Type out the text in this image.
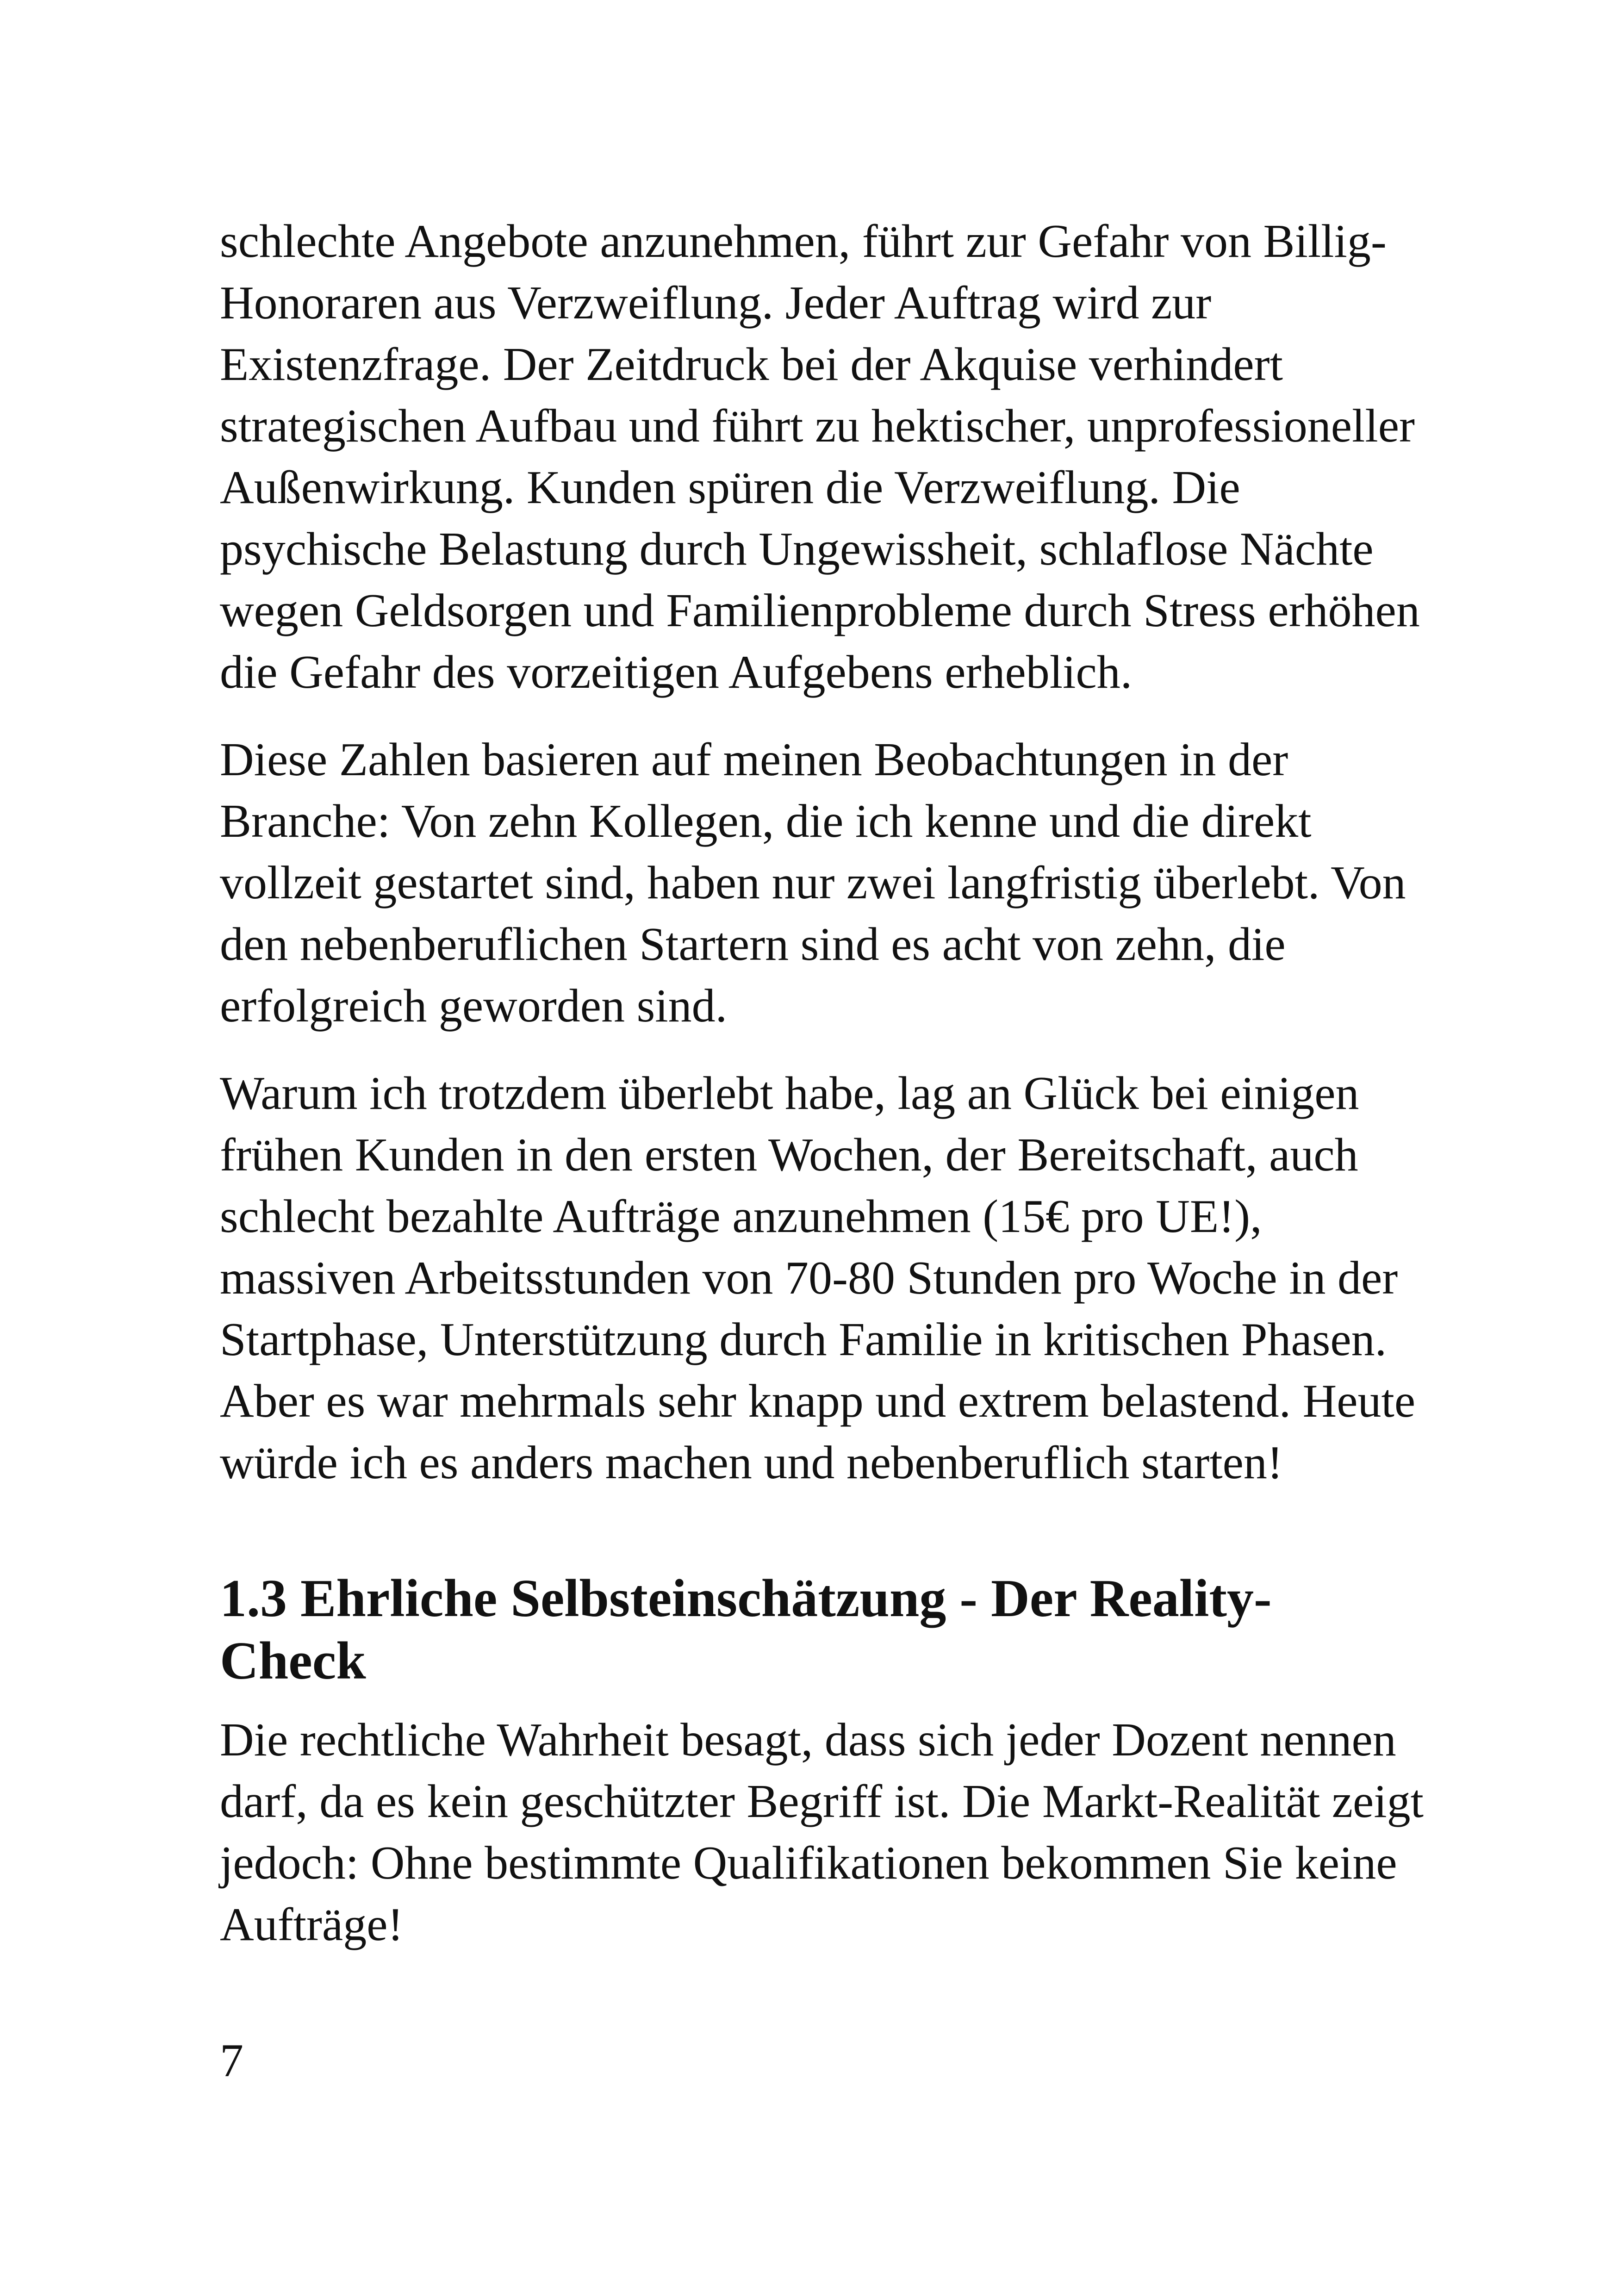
schlechte Angebote anzunehmen, führt zur Gefahr von Billig-
Honoraren aus Verzweiflung. Jeder Auftrag wird zur
Existenzfrage. Der Zeitdruck bei der Akquise verhindert
strategischen Aufbau und führt zu hektischer, unprofessioneller
Außenwirkung. Kunden spüren die Verzweiflung. Die
psychische Belastung durch Ungewissheit, schlaflose Nächte
wegen Geldsorgen und Familienprobleme durch Stress erhöhen
die Gefahr des vorzeitigen Aufgebens erheblich.

Diese Zahlen basieren auf meinen Beobachtungen in der
Branche: Von zehn Kollegen, die ich kenne und die direkt
vollzeit gestartet sind, haben nur zwei langfristig überlebt. Von
den nebenberuflichen Startern sind es acht von zehn, die
erfolgreich geworden sind.

Warum ich trotzdem überlebt habe, lag an Glück bei einigen
frühen Kunden in den ersten Wochen, der Bereitschaft, auch
schlecht bezahlte Aufträge anzunehmen (15€ pro UE!),
massiven Arbeitsstunden von 70-80 Stunden pro Woche in der
Startphase, Unterstützung durch Familie in kritischen Phasen.
Aber es war mehrmals sehr knapp und extrem belastend. Heute
würde ich es anders machen und nebenberuflich starten!

1.3 Ehrliche Selbsteinschätzung - Der Reality-
Check

Die rechtliche Wahrheit besagt, dass sich jeder Dozent nennen
darf, da es kein geschützter Begriff ist. Die Markt-Realität zeigt
jedoch: Ohne bestimmte Qualifikationen bekommen Sie keine
Aufträge!

7
